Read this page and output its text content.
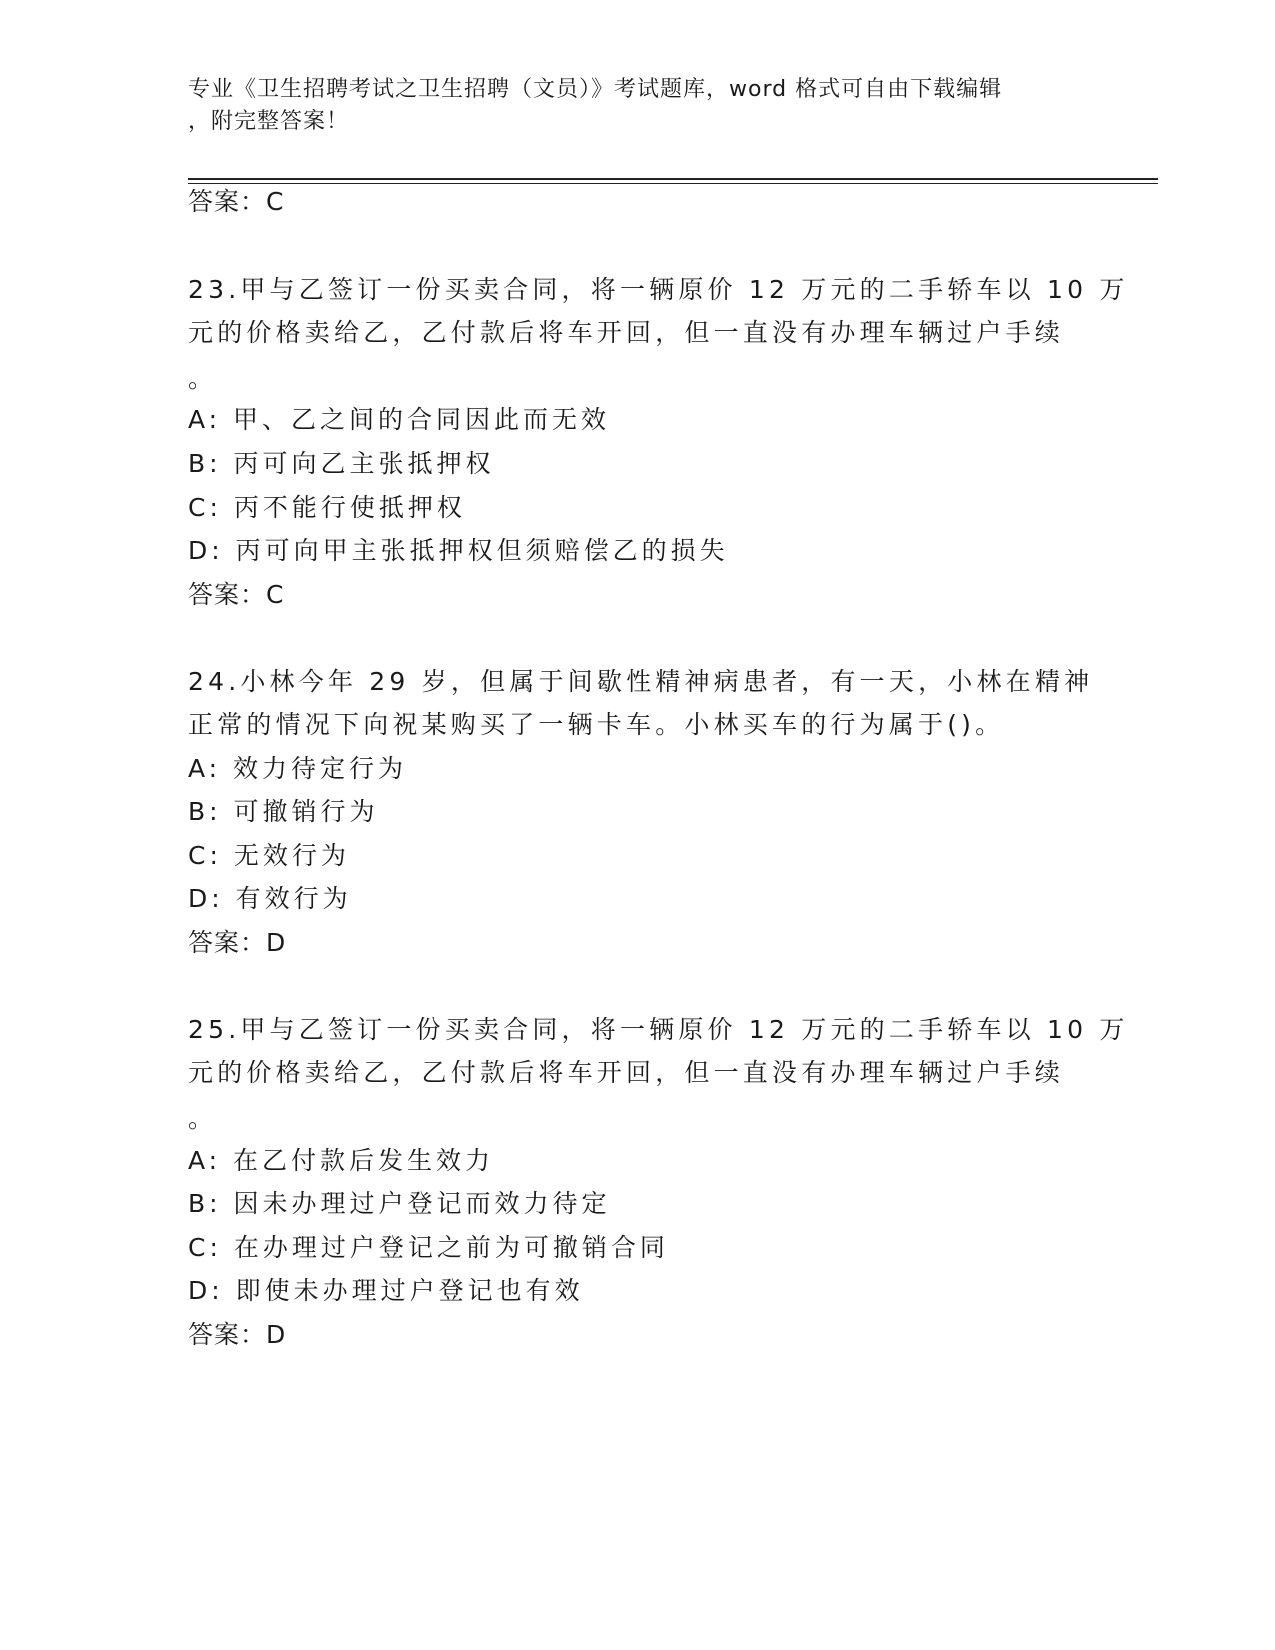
专业《卫生招聘考试之卫生招聘（文员）》考试题库，word 格式可自由下载编辑
，附完整答案！
答案：C
23.甲与乙签订一份买卖合同，将一辆原价 12 万元的二手轿车以 10 万
元的价格卖给乙，乙付款后将车开回，但一直没有办理车辆过户手续
。
A: 甲、乙之间的合同因此而无效
B: 丙可向乙主张抵押权
C: 丙不能行使抵押权
D: 丙可向甲主张抵押权但须赔偿乙的损失
答案：C
24.小林今年 29 岁，但属于间歇性精神病患者，有一天，小林在精神
正常的情况下向祝某购买了一辆卡车。小林买车的行为属于()。
A: 效力待定行为
B: 可撤销行为
C: 无效行为
D: 有效行为
答案：D
25.甲与乙签订一份买卖合同，将一辆原价 12 万元的二手轿车以 10 万
元的价格卖给乙，乙付款后将车开回，但一直没有办理车辆过户手续
。
A: 在乙付款后发生效力
B: 因未办理过户登记而效力待定
C: 在办理过户登记之前为可撤销合同
D: 即使未办理过户登记也有效
答案：D
